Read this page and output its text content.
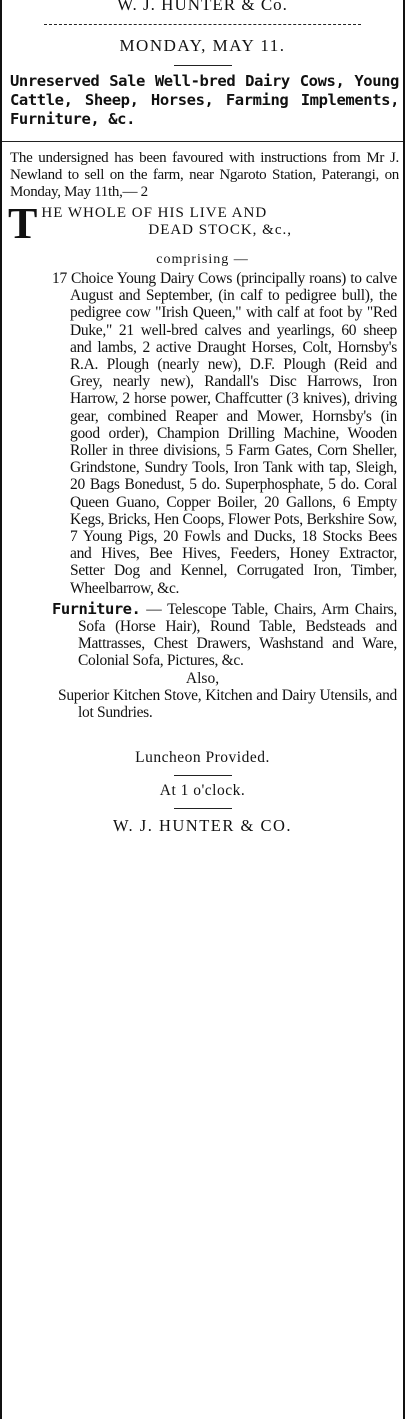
W. J. HUNTER & Co.
MONDAY, MAY 11.
Unreserved Sale Well-bred Dairy Cows, Young Cattle, Sheep, Horses, Farming Implements, Furniture, &c.
The undersigned has been favoured with instructions from Mr J. Newland to sell on the farm, near Ngaroto Station, Paterangi, on Monday, May 11th,— 2
T HE WHOLE OF HIS LIVE AND
DEAD STOCK, &c.,
comprising —
17 Choice Young Dairy Cows (principally roans) to calve August and September, (in calf to pedigree bull), the pedigree cow "Irish Queen," with calf at foot by "Red Duke," 21 well-bred calves and yearlings, 60 sheep and lambs, 2 active Draught Horses, Colt, Hornsby's R.A. Plough (nearly new), D.F. Plough (Reid and Grey, nearly new), Randall's Disc Harrows, Iron Harrow, 2 horse power, Chaffcutter (3 knives), driving gear, combined Reaper and Mower, Hornsby's (in good order), Champion Drilling Machine, Wooden Roller in three divisions, 5 Farm Gates, Corn Sheller, Grindstone, Sundry Tools, Iron Tank with tap, Sleigh, 20 Bags Bonedust, 5 do. Superphosphate, 5 do. Coral Queen Guano, Copper Boiler, 20 Gallons, 6 Empty Kegs, Bricks, Hen Coops, Flower Pots, Berkshire Sow, 7 Young Pigs, 20 Fowls and Ducks, 18 Stocks Bees and Hives, Bee Hives, Feeders, Honey Extractor, Setter Dog and Kennel, Corrugated Iron, Timber, Wheelbarrow, &c.
Furniture. — Telescope Table, Chairs, Arm Chairs, Sofa (Horse Hair), Round Table, Bedsteads and Mattrasses, Chest Drawers, Washstand and Ware, Colonial Sofa, Pictures, &c.
Also,
Superior Kitchen Stove, Kitchen and Dairy Utensils, and lot Sundries.
Luncheon Provided.
At 1 o'clock.
W. J. HUNTER & CO.
